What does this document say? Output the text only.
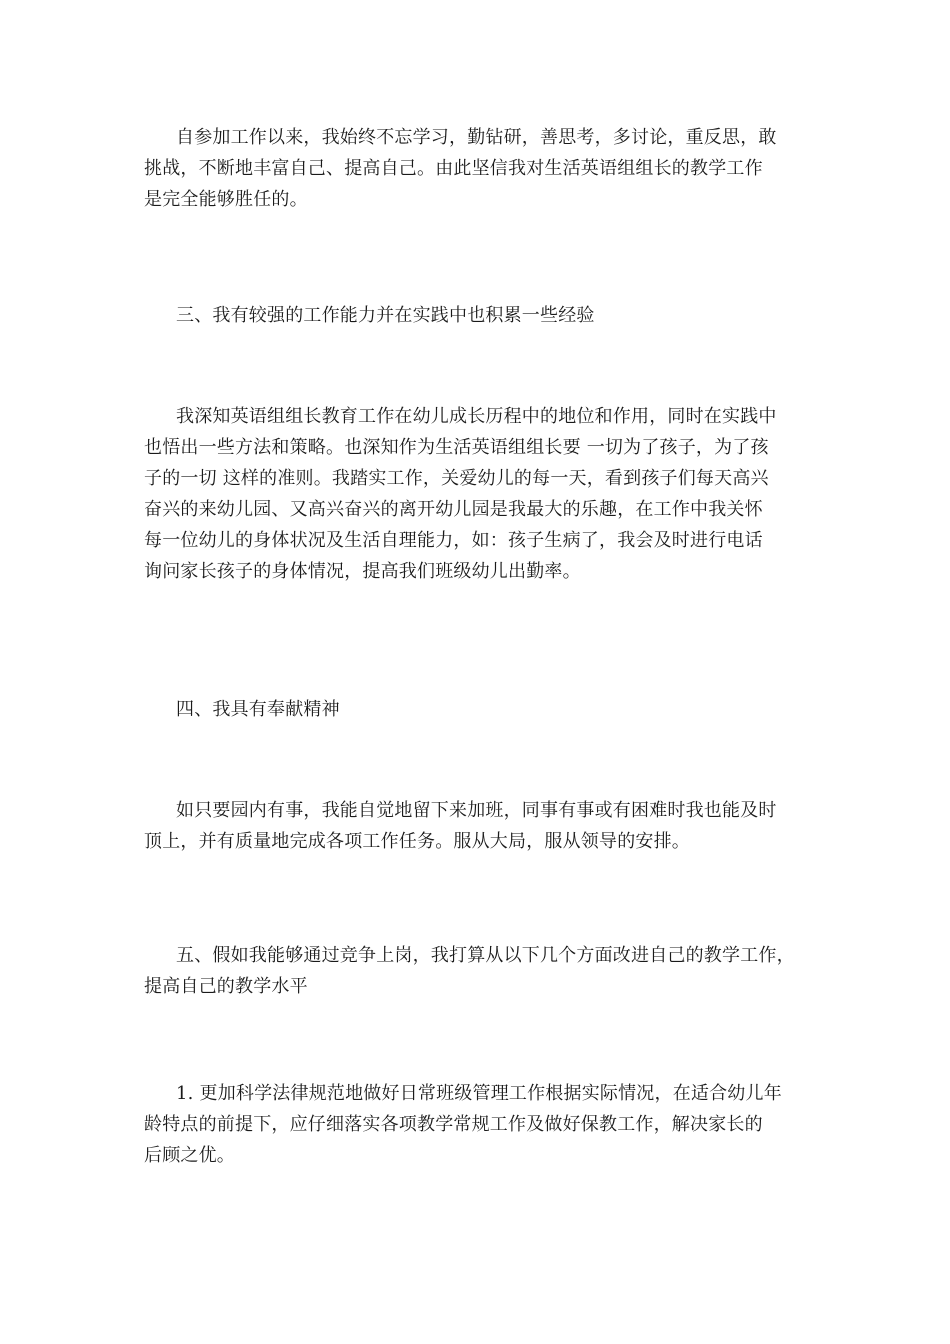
自参加工作以来，我始终不忘学习，勤钻研，善思考，多讨论，重反思，敢
挑战，不断地丰富自己、提高自己。由此坚信我对生活英语组组长的教学工作
是完全能够胜任的。
三、我有较强的工作能力并在实践中也积累一些经验
我深知英语组组长教育工作在幼儿成长历程中的地位和作用，同时在实践中
也悟出一些方法和策略。也深知作为生活英语组组长要 一切为了孩子，为了孩
子的一切 这样的准则。我踏实工作，关爱幼儿的每一天，看到孩子们每天高兴
奋兴的来幼儿园、又高兴奋兴的离开幼儿园是我最大的乐趣，在工作中我关怀
每一位幼儿的身体状况及生活自理能力，如：孩子生病了，我会及时进行电话
询问家长孩子的身体情况，提高我们班级幼儿出勤率。
四、我具有奉献精神
如只要园内有事，我能自觉地留下来加班，同事有事或有困难时我也能及时
顶上，并有质量地完成各项工作任务。服从大局，服从领导的安排。
五、假如我能够通过竞争上岗，我打算从以下几个方面改进自己的教学工作，
提高自己的教学水平
1. 更加科学法律规范地做好日常班级管理工作根据实际情况，在适合幼儿年
龄特点的前提下，应仔细落实各项教学常规工作及做好保教工作，解决家长的
后顾之优。
